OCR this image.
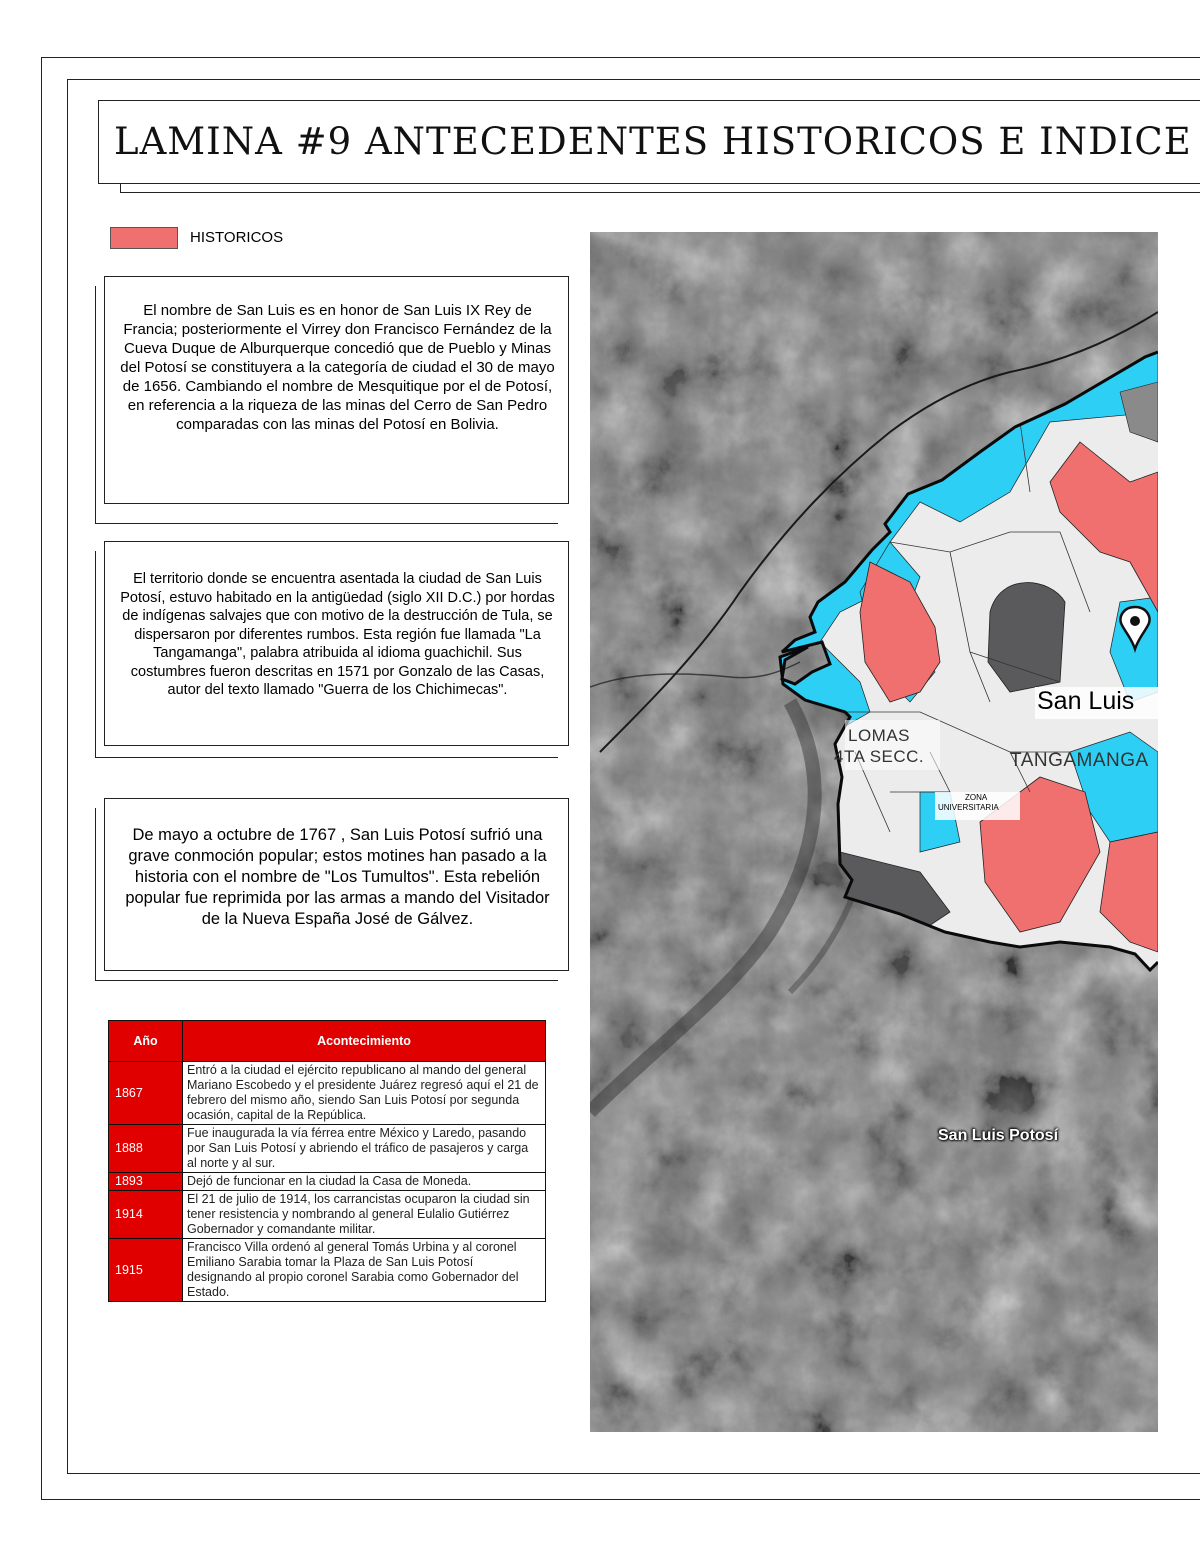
LAMINA #9 ANTECEDENTES HISTORICOS E INDICE
HISTORICOS
El nombre de San Luis es en honor de San Luis IX Rey de Francia; posteriormente el Virrey don Francisco Fernández de la Cueva Duque de Alburquerque concedió que de Pueblo y Minas del Potosí se constituyera a la categoría de ciudad el 30 de mayo de 1656. Cambiando el nombre de Mesquitique por el de Potosí, en referencia a la riqueza de las minas del Cerro de San Pedro comparadas con las minas del Potosí en Bolivia.
El territorio donde se encuentra asentada la ciudad de San Luis Potosí, estuvo habitado en la antigüedad (siglo XII D.C.) por hordas de indígenas salvajes que con motivo de la destrucción de Tula, se dispersaron por diferentes rumbos. Esta región fue llamada "La Tangamanga", palabra atribuida al idioma guachichil. Sus costumbres fueron descritas en 1571 por Gonzalo de las Casas, autor del texto llamado "Guerra de los Chichimecas".
De mayo a octubre de 1767 , San Luis Potosí sufrió una grave conmoción popular; estos motines han pasado a la historia con el nombre de "Los Tumultos". Esta rebelión popular fue reprimida por las armas a mando del Visitador de la Nueva España José de Gálvez.
Año	Acontecimiento
1867	Entró a la ciudad el ejército republicano al mando del general Mariano Escobedo y el presidente Juárez regresó aquí el 21 de febrero del mismo año, siendo San Luis Potosí por segunda ocasión, capital de la República.
1888	Fue inaugurada la vía férrea entre México y Laredo, pasando por San Luis Potosí y abriendo el tráfico de pasajeros y carga al norte y al sur.
1893	Dejó de funcionar en la ciudad la Casa de Moneda.
1914	El 21 de julio de 1914, los carrancistas ocuparon la ciudad sin tener resistencia y nombrando al general Eulalio Gutiérrez Gobernador y comandante militar.
1915	Francisco Villa ordenó al general Tomás Urbina y al coronel Emiliano Sarabia tomar la Plaza de San Luis Potosí designando al propio coronel Sarabia como Gobernador del Estado.
San Luis
LOMAS
4TA SECC.	TANGAMANGA
ZONA
UNIVERSITARIA
San Luis Potosí
